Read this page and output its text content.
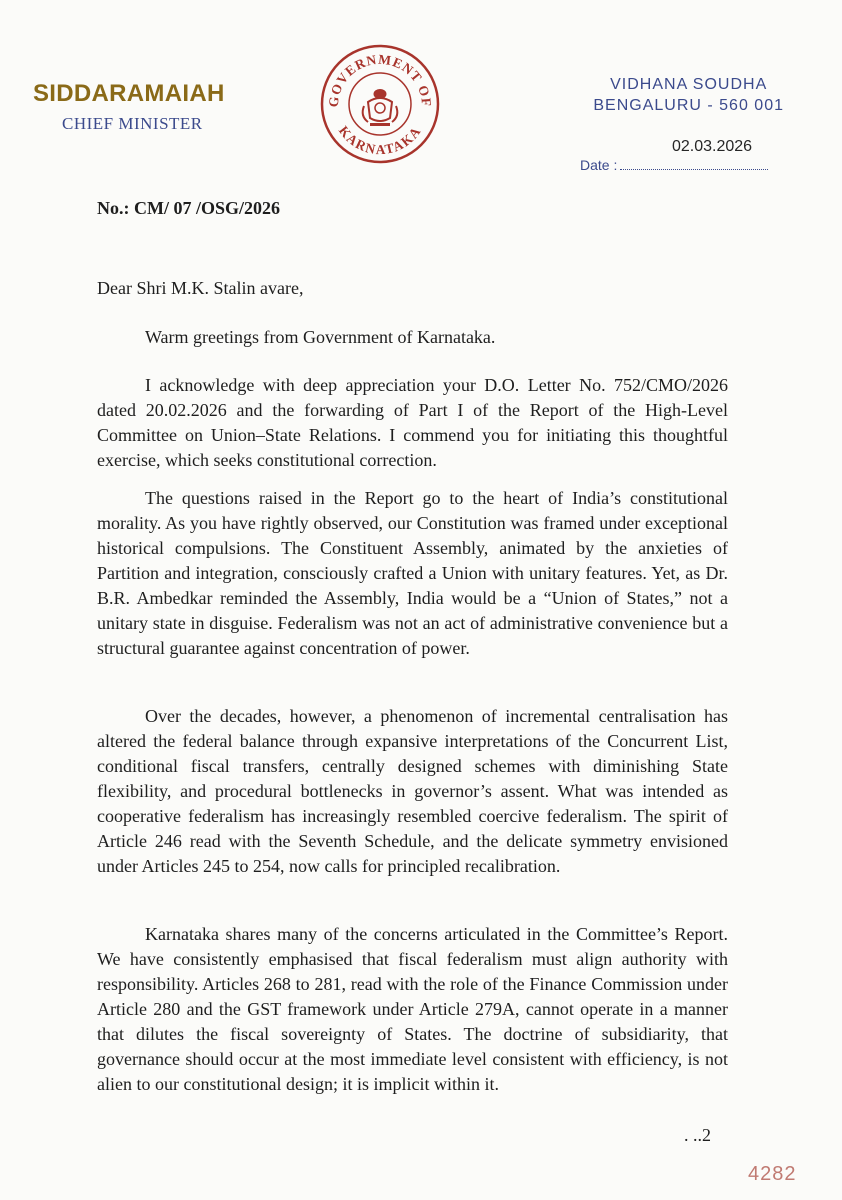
SIDDARAMAIAH
CHIEF MINISTER
GOVERNMENT OF
KARNATAKA
VIDHANA SOUDHA
BENGALURU - 560 001
02.03.2026
Date :
No.: CM/ 07 /OSG/2026
Dear Shri M.K. Stalin avare,

Warm greetings from Government of Karnataka.

I acknowledge with deep appreciation your D.O. Letter No. 752/CMO/2026 dated 20.02.2026 and the forwarding of Part I of the Report of the High-Level Committee on Union–State Relations. I commend you for initiating this thoughtful exercise, which seeks constitutional correction.

The questions raised in the Report go to the heart of India’s constitutional morality. As you have rightly observed, our Constitution was framed under exceptional historical compulsions. The Constituent Assembly, animated by the anxieties of Partition and integration, consciously crafted a Union with unitary features. Yet, as Dr. B.R. Ambedkar reminded the Assembly, India would be a “Union of States,” not a unitary state in disguise. Federalism was not an act of administrative convenience but a structural guarantee against concentration of power.

Over the decades, however, a phenomenon of incremental centralisation has altered the federal balance through expansive interpretations of the Concurrent List, conditional fiscal transfers, centrally designed schemes with diminishing State flexibility, and procedural bottlenecks in governor’s assent. What was intended as cooperative federalism has increasingly resembled coercive federalism. The spirit of Article 246 read with the Seventh Schedule, and the delicate symmetry envisioned under Articles 245 to 254, now calls for principled recalibration.

Karnataka shares many of the concerns articulated in the Committee’s Report. We have consistently emphasised that fiscal federalism must align authority with responsibility. Articles 268 to 281, read with the role of the Finance Commission under Article 280 and the GST framework under Article 279A, cannot operate in a manner that dilutes the fiscal sovereignty of States. The doctrine of subsidiarity, that governance should occur at the most immediate level consistent with efficiency, is not alien to our constitutional design; it is implicit within it.

. ..2
4282
